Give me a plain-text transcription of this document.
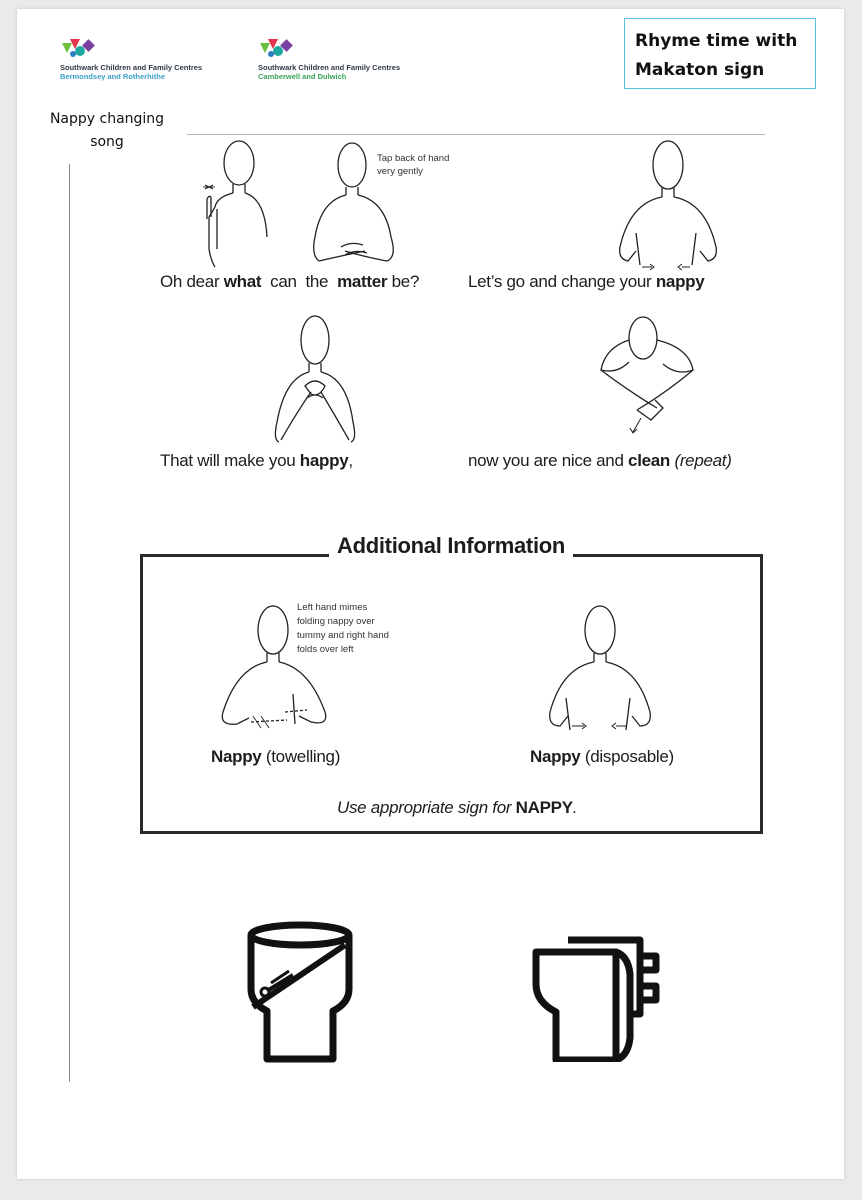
Southwark Children and Family Centres
Bermondsey and Rotherhithe
Southwark Children and Family Centres
Camberwell and Dulwich
Rhyme time with
Makaton sign
Nappy changing
song
Tap back of hand
very gently
Oh dear what  can  the  matter be?	Let’s go and change your nappy
That will make you happy,	now you are nice and clean (repeat)
Additional Information
Left hand mimes folding nappy over tummy and right hand folds over left
Nappy (towelling)	Nappy (disposable)
Use appropriate sign for NAPPY.
